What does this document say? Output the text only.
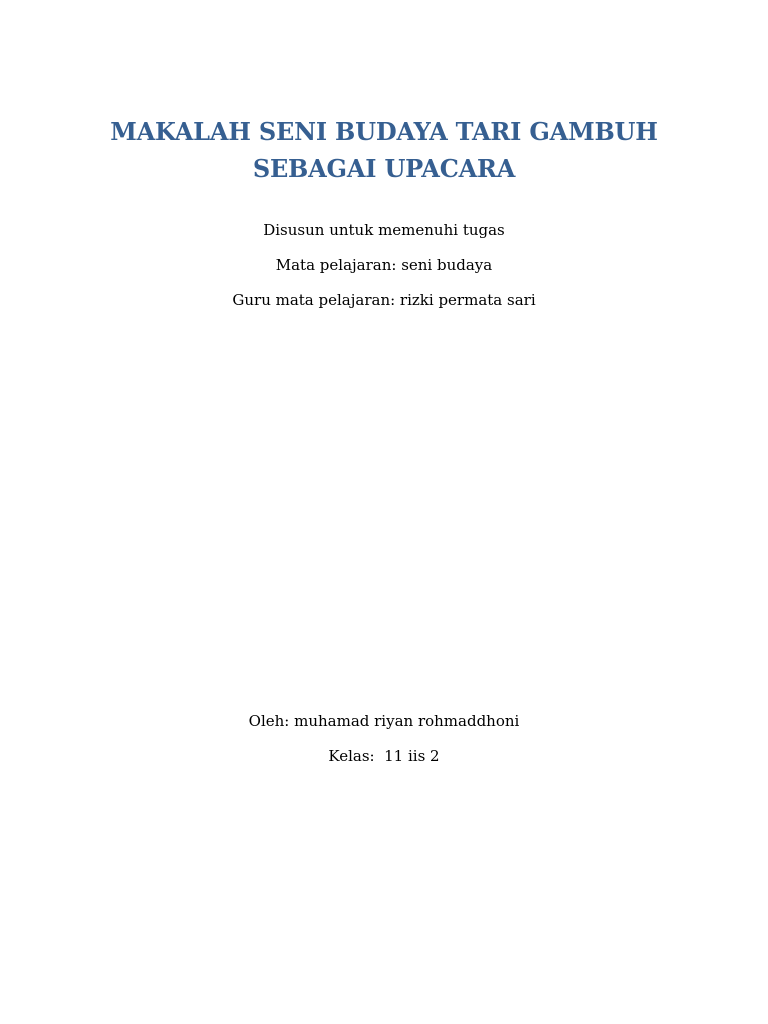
MAKALAH SENI BUDAYA TARI GAMBUH
SEBAGAI UPACARA

Disusun untuk memenuhi tugas

Mata pelajaran: seni budaya

Guru mata pelajaran: rizki permata sari

Oleh: muhamad riyan rohmaddhoni

Kelas:  11 iis 2
